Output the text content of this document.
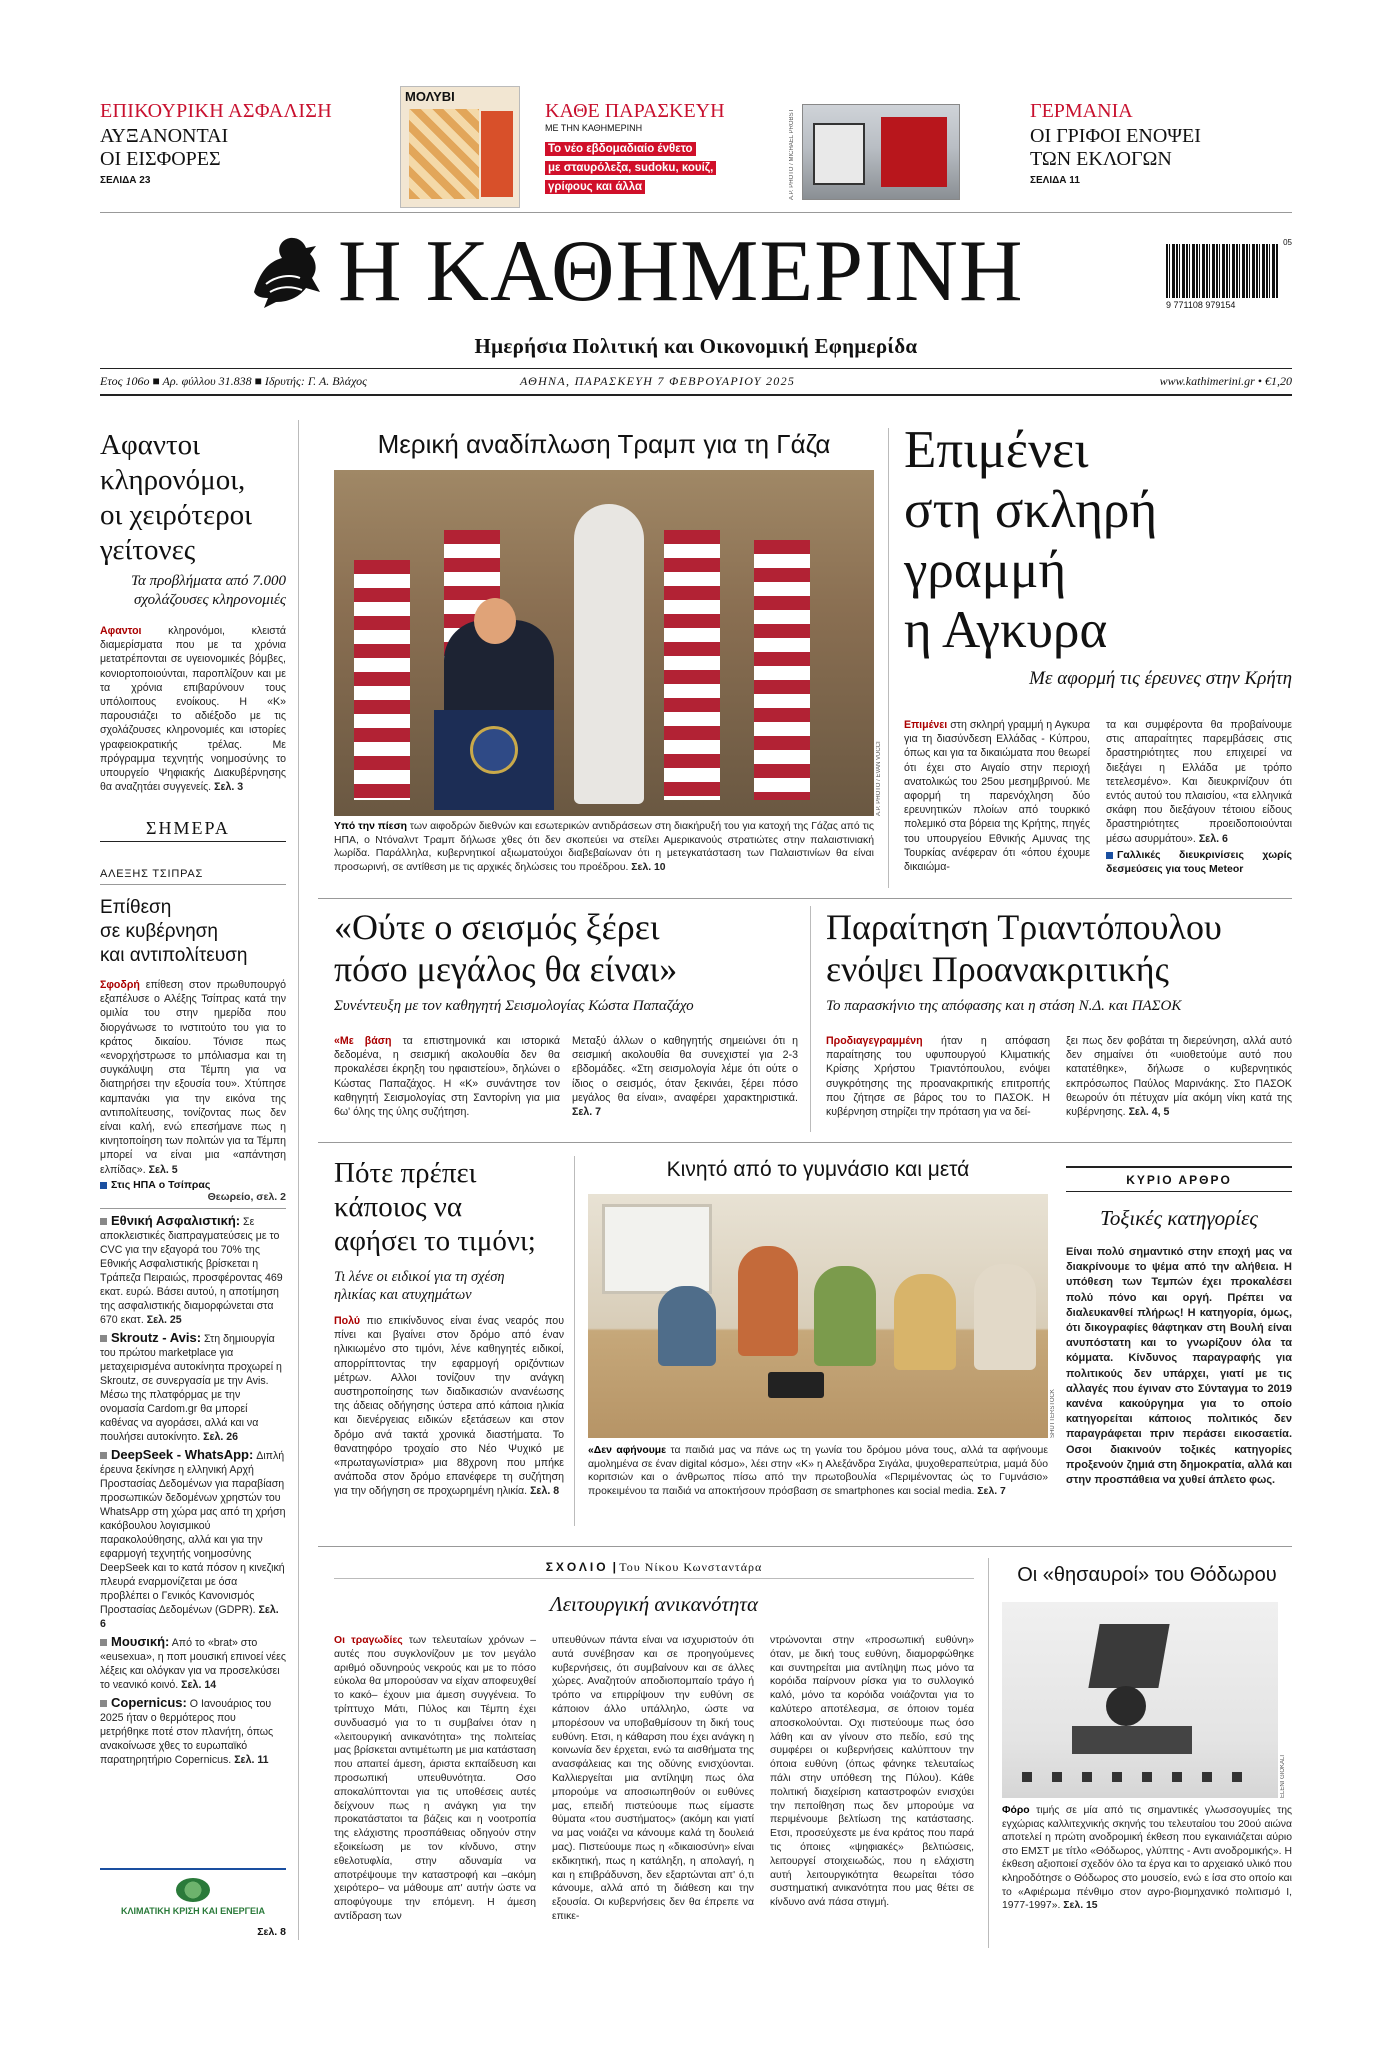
ΕΠΙΚΟΥΡΙΚΗ ΑΣΦΑΛΙΣΗ
ΑΥΞΑΝΟΝΤΑΙ
ΟΙ ΕΙΣΦΟΡΕΣ
ΣΕΛΙΔΑ 23
ΜΟΛΥΒΙ
ΚΑΘΕ ΠΑΡΑΣΚΕΥΗ
ΜΕ ΤΗΝ ΚΑΘΗΜΕΡΙΝΗ
Το νέο εβδομαδιαίο ένθετο
με σταυρόλεξα, sudoku, κουίζ,
γρίφους και άλλα	A.P. PHOTO / MICHAEL PROBST	ΓΕΡΜΑΝΙΑ
ΟΙ ΓΡΙΦΟΙ ΕΝΟΨΕΙ
ΤΩΝ ΕΚΛΟΓΩΝ
ΣΕΛΙΔΑ 11
Η ΚΑΘΗΜΕΡΙΝΗ	05
9 771108 979154
Ημερήσια Πολιτική και Οικονομική Εφημερίδα
Ετος 106ο ■ Αρ. φύλλου 31.838 ■ Ιδρυτής: Γ. Α. Βλάχος	ΑΘΗΝΑ, ΠΑΡΑΣΚΕΥΗ 7 ΦΕΒΡΟΥΑΡΙΟΥ 2025	www.kathimerini.gr • €1,20
Αφαντοι
κληρονόμοι,
οι χειρότεροι
γείτονες
Τα προβλήματα από 7.000
σχολάζουσες κληρονομιές
Αφαντοι κληρονόμοι, κλειστά διαμερίσματα που με τα χρόνια μετατρέπονται σε υγειονομικές βόμβες, κονιορτοποιούνται, παροπλίζουν και με τα χρόνια επιβαρύνουν τους υπόλοιπους ενοίκους. Η «Κ» παρουσιάζει το αδιέξοδο με τις σχολάζουσες κληρονομιές και ιστορίες γραφειοκρατικής τρέλας. Με πρόγραμμα τεχνητής νοημοσύνης το υπουργείο Ψηφιακής Διακυβέρνησης θα αναζητάει συγγενείς. Σελ. 3
ΣΗΜΕΡΑ
ΑΛΕΞΗΣ ΤΣΙΠΡΑΣ
Επίθεση
σε κυβέρνηση
και αντιπολίτευση
Σφοδρή επίθεση στον πρωθυπουργό εξαπέλυσε ο Αλέξης Τσίπρας κατά την ομιλία του στην ημερίδα που διοργάνωσε το ινστιτούτο του για το κράτος δικαίου. Τόνισε πως «ενορχήστρωσε το μπόλιασμα και τη συγκάλυψη στα Τέμπη για να διατηρήσει την εξουσία του». Χτύπησε καμπανάκι για την εικόνα της αντιπολίτευσης, τονίζοντας πως δεν είναι καλή, ενώ επεσήμανε πως η κινητοποίηση των πολιτών για τα Τέμπη μπορεί να είναι μια «απάντηση ελπίδας». Σελ. 5
Στις ΗΠΑ ο Τσίπρας
Θεωρείο, σελ. 2
Εθνική Ασφαλιστική: Σε αποκλειστικές διαπραγματεύσεις με το CVC για την εξαγορά του 70% της Εθνικής Ασφαλιστικής βρίσκεται η Τράπεζα Πειραιώς, προσφέροντας 469 εκατ. ευρώ. Βάσει αυτού, η αποτίμηση της ασφαλιστικής διαμορφώνεται στα 670 εκατ. Σελ. 25
Skroutz - Avis: Στη δημιουργία του πρώτου marketplace για μεταχειρισμένα αυτοκίνητα προχωρεί η Skroutz, σε συνεργασία με την Avis. Μέσω της πλατφόρμας με την ονομασία Cardom.gr θα μπορεί καθένας να αγοράσει, αλλά και να πουλήσει αυτοκίνητο. Σελ. 26
DeepSeek - WhatsApp: Διπλή έρευνα ξεκίνησε η ελληνική Αρχή Προστασίας Δεδομένων για παραβίαση προσωπικών δεδομένων χρηστών του WhatsApp στη χώρα μας από τη χρήση κακόβουλου λογισμικού παρακολούθησης, αλλά και για την εφαρμογή τεχνητής νοημοσύνης DeepSeek και το κατά πόσον η κινεζική πλευρά εναρμονίζεται με όσα προβλέπει ο Γενικός Κανονισμός Προστασίας Δεδομένων (GDPR). Σελ. 6
Μουσική: Από το «brat» στο «eusexua», η ποπ μουσική επινοεί νέες λέξεις και ολόγκαν για να προσελκύσει το νεανικό κοινό. Σελ. 14
Copernicus: Ο Ιανουάριος του 2025 ήταν ο θερμότερος που μετρήθηκε ποτέ στον πλανήτη, όπως ανακοίνωσε χθες το ευρωπαϊκό παρατηρητήριο Copernicus. Σελ. 11
ΚΛΙΜΑΤΙΚΗ ΚΡΙΣΗ ΚΑΙ ΕΝΕΡΓΕΙΑ
Σελ. 8
Μερική αναδίπλωση Τραμπ για τη Γάζα
A.P. PHOTO / EVAN VUCCI
Υπό την πίεση των αιφοδρών διεθνών και εσωτερικών αντιδράσεων στη διακήρυξή του για κατοχή της Γάζας από τις ΗΠΑ, ο Ντόναλντ Τραμπ δήλωσε χθες ότι δεν σκοπεύει να στείλει Αμερικανούς στρατιώτες στην παλαιστινιακή λωρίδα. Παράλληλα, κυβερνητικοί αξιωματούχοι διαβεβαίωναν ότι η μετεγκατάσταση των Παλαιστινίων θα είναι προσωρινή, σε αντίθεση με τις αρχικές δηλώσεις του προέδρου. Σελ. 10
Επιμένει
στη σκληρή
γραμμή
η Αγκυρα
Με αφορμή τις έρευνες στην Κρήτη
Επιμένει στη σκληρή γραμμή η Αγκυρα για τη διασύνδεση Ελλάδας - Κύπρου, όπως και για τα δικαιώματα που θεωρεί ότι έχει στο Αιγαίο στην περιοχή ανατολικώς του 25ου μεσημβρινού. Με αφορμή τη παρενόχληση δύο ερευνητικών πλοίων από τουρκικό πολεμικό στα βόρεια της Κρήτης, πηγές του υπουργείου Εθνικής Αμυνας της Τουρκίας ανέφεραν ότι «όπου έχουμε δικαιώμα-
τα και συμφέροντα θα προβαίνουμε στις απαραίτητες παρεμβάσεις στις δραστηριότητες που επιχειρεί να διεξάγει η Ελλάδα με τρόπο τετελεσμένο». Και διευκρινίζουν ότι εντός αυτού του πλαισίου, «τα ελληνικά σκάφη που διεξάγουν τέτοιου είδους δραστηριότητες προειδοποιούνται μέσω ασυρμάτου». Σελ. 6
Γαλλικές διευκρινίσεις χωρίς δεσμεύσεις για τους Meteor
«Ούτε ο σεισμός ξέρει
πόσο μεγάλος θα είναι»
Συνέντευξη με τον καθηγητή Σεισμολογίας Κώστα Παπαζάχο
«Με βάση τα επιστημονικά και ιστορικά δεδομένα, η σεισμική ακολουθία δεν θα προκαλέσει έκρηξη του ηφαιστείου», δηλώνει ο Κώστας Παπαζάχος. Η «Κ» συνάντησε τον καθηγητή Σεισμολογίας στη Σαντορίνη για μια 6ω' όλης της ύλης συζήτηση.
Μεταξύ άλλων ο καθηγητής σημειώνει ότι η σεισμική ακολουθία θα συνεχιστεί για 2-3 εβδομάδες. «Στη σεισμολογία λέμε ότι ούτε ο ίδιος ο σεισμός, όταν ξεκινάει, ξέρει πόσο μεγάλος θα είναι», αναφέρει χαρακτηριστικά. Σελ. 7
Παραίτηση Τριαντόπουλου
ενόψει Προανακριτικής
Το παρασκήνιο της απόφασης και η στάση Ν.Δ. και ΠΑΣΟΚ
Προδιαγεγραμμένη ήταν η απόφαση παραίτησης του υφυπουργού Κλιματικής Κρίσης Χρήστου Τριαντόπουλου, ενόψει συγκρότησης της προανακριτικής επιτροπής που ζήτησε σε βάρος του το ΠΑΣΟΚ. Η κυβέρνηση στηρίζει την πρόταση για να δεί-
ξει πως δεν φοβάται τη διερεύνηση, αλλά αυτό δεν σημαίνει ότι «υιοθετούμε αυτό που κατατέθηκε», δήλωσε ο κυβερνητικός εκπρόσωπος Παύλος Μαρινάκης. Στο ΠΑΣΟΚ θεωρούν ότι πέτυχαν μία ακόμη νίκη κατά της κυβέρνησης. Σελ. 4, 5
Πότε πρέπει
κάποιος να
αφήσει το τιμόνι;
Τι λένε οι ειδικοί για τη σχέση
ηλικίας και ατυχημάτων
Πολύ πιο επικίνδυνος είναι ένας νεαρός που πίνει και βγαίνει στον δρόμο από έναν ηλικιωμένο στο τιμόνι, λένε καθηγητές ειδικοί, απορρίπτοντας την εφαρμογή οριζόντιων μέτρων. Αλλοι τονίζουν την ανάγκη αυστηροποίησης των διαδικασιών ανανέωσης της άδειας οδήγησης ύστερα από κάποια ηλικία και διενέργειας ειδικών εξετάσεων και στον δρόμο ανά τακτά χρονικά διαστήματα. Το θανατηφόρο τροχαίο στο Νέο Ψυχικό με «πρωταγωνίστρια» μια 88χρονη που μπήκε ανάποδα στον δρόμο επανέφερε τη συζήτηση για την οδήγηση σε προχωρημένη ηλικία. Σελ. 8
Κινητό από το γυμνάσιο και μετά
SHUTTERSTOCK
«Δεν αφήνουμε τα παιδιά μας να πάνε ως τη γωνία του δρόμου μόνα τους, αλλά τα αφήνουμε αμολημένα σε έναν digital κόσμο», λέει στην «Κ» η Αλεξάνδρα Σιγάλα, ψυχοθεραπεύτρια, μαμά δύο κοριτσιών και ο άνθρωπος πίσω από την πρωτοβουλία «Περιμένοντας ώς το Γυμνάσιο» προκειμένου τα παιδιά να αποκτήσουν πρόσβαση σε smartphones και social media. Σελ. 7
ΚΥΡΙΟ ΑΡΘΡΟ
Τοξικές κατηγορίες
Είναι πολύ σημαντικό στην εποχή μας να διακρίνουμε το ψέμα από την αλήθεια. Η υπόθεση των Τεμπών έχει προκαλέσει πολύ πόνο και οργή. Πρέπει να διαλευκανθεί πλήρως! Η κατηγορία, όμως, ότι δικογραφίες θάφτηκαν στη Βουλή είναι ανυπόστατη και το γνωρίζουν όλα τα κόμματα. Κίνδυνος παραγραφής για πολιτικούς δεν υπάρχει, γιατί με τις αλλαγές που έγιναν στο Σύνταγμα το 2019 κανένα κακούργημα για το οποίο κατηγορείται κάποιος πολιτικός δεν παραγράφεται πριν περάσει εικοσαετία. Οσοι διακινούν τοξικές κατηγορίες προξενούν ζημιά στη δημοκρατία, αλλά και στην προσπάθεια να χυθεί άπλετο φως.
ΣΧΟΛΙΟ | Του Νίκου Κωνσταντάρα
Λειτουργική ανικανότητα
Οι τραγωδίες των τελευταίων χρόνων – αυτές που συγκλονίζουν με τον μεγάλο αριθμό οδυνηρούς νεκρούς και με το πόσο εύκολα θα μπορούσαν να είχαν αποφευχθεί το κακό– έχουν μια άμεση συγγένεια. Το τρίπτυχο Μάτι, Πύλος και Τέμπη έχει συνδυασμό για το τι συμβαίνει όταν η «λειτουργική ανικανότητα» της πολιτείας μας βρίσκεται αντιμέτωπη με μια κατάσταση που απαιτεί άμεση, άριστα εκπαίδευση και προσωπική υπευθυνότητα. Οσο αποκαλύπτονται για τις υποθέσεις αυτές δείχνουν πως η ανάγκη για την προκατάστατοι τα βάζεις και η νοοτροπία της ελάχιστης προσπάθειας οδηγούν στην εξοικείωση με τον κίνδυνο, στην εθελοτυφλία, στην αδυναμία να αποτρέψουμε την καταστροφή και –ακόμη χειρότερο– να μάθουμε απ' αυτήν ώστε να αποφύγουμε την επόμενη. Η άμεση αντίδραση των
υπευθύνων πάντα είναι να ισχυριστούν ότι αυτά συνέβησαν και σε προηγούμενες κυβερνήσεις, ότι συμβαίνουν και σε άλλες χώρες. Αναζητούν αποδιοπομπαίο τράγο ή τρόπο να επιρρίψουν την ευθύνη σε κάποιον άλλο υπάλληλο, ώστε να μπορέσουν να υποβαθμίσουν τη δική τους ευθύνη. Ετσι, η κάθαρση που έχει ανάγκη η κοινωνία δεν έρχεται, ενώ τα αισθήματα της ανασφάλειας και της οδύνης ενισχύονται. Καλλιεργείται μια αντίληψη πως όλα μπορούμε να αποσιωπηθούν οι ευθύνες μας, επειδή πιστεύουμε πως είμαστε θύματα «του συστήματος» (ακόμη και γιατί να μας νοιάζει να κάνουμε καλά τη δουλειά μας). Πιστεύουμε πως η «δικαιοσύνη» είναι εκδικητική, πως η κατάληξη, η απολαγή, η και η επιβράδυνση, δεν εξαρτώνται απ' ό,τι κάνουμε, αλλά από τη διάθεση και την εξουσία. Οι κυβερνήσεις δεν θα έπρεπε να επικε-
ντρώνονται στην «προσωπική ευθύνη» όταν, με δική τους ευθύνη, διαμορφώθηκε και συντηρείται μια αντίληψη πως μόνο τα κορόιδα παίρνουν ρίσκα για το συλλογικό καλό, μόνο τα κορόιδα νοιάζονται για το καλύτερο αποτέλεσμα, σε όποιον τομέα αποσκολούνται. Οχι πιστεύουμε πως όσο λάθη και αν γίνουν στο πεδίο, εσύ της συμφέρει οι κυβερνήσεις καλύπτουν την όποια ευθύνη (όπως φάνηκε τελευταίως πάλι στην υπόθεση της Πύλου). Κάθε πολιτική διαχείριση καταστροφών ενισχύει την πεποίθηση πως δεν μπορούμε να περιμένουμε βελτίωση της κατάστασης. Ετσι, προσεύχεστε με ένα κράτος που παρά τις όποιες «ψηφιακές» βελτιώσεις, λειτουργεί στοιχειωδώς, που η ελάχιστη αυτή λειτουργικότητα θεωρείται τόσο συστηματική ανικανότητα που μας θέτει σε κίνδυνο ανά πάσα στιγμή.
Οι «θησαυροί» του Θόδωρου
ELENI GIOKALI
Φόρο τιμής σε μία από τις σημαντικές γλωσσογυμίες της εγχώριας καλλιτεχνικής σκηνής του τελευταίου του 20ού αιώνα αποτελεί η πρώτη ανοδρομική έκθεση που εγκαινιάζεται αύριο στο ΕΜΣΤ με τίτλο «Θόδωρος, γλύπτης - Αντι ανοδρομικής». Η έκθεση αξιοποιεί σχεδόν όλο τα έργα και το αρχειακό υλικό που κληροδότησε ο Θόδωρος στο μουσείο, ενώ ε ίσα στο οποίο και το «Αφιέρωμα πένθιμο στον αγρο-βιομηχανικό πολιτισμό I, 1977-1997». Σελ. 15
